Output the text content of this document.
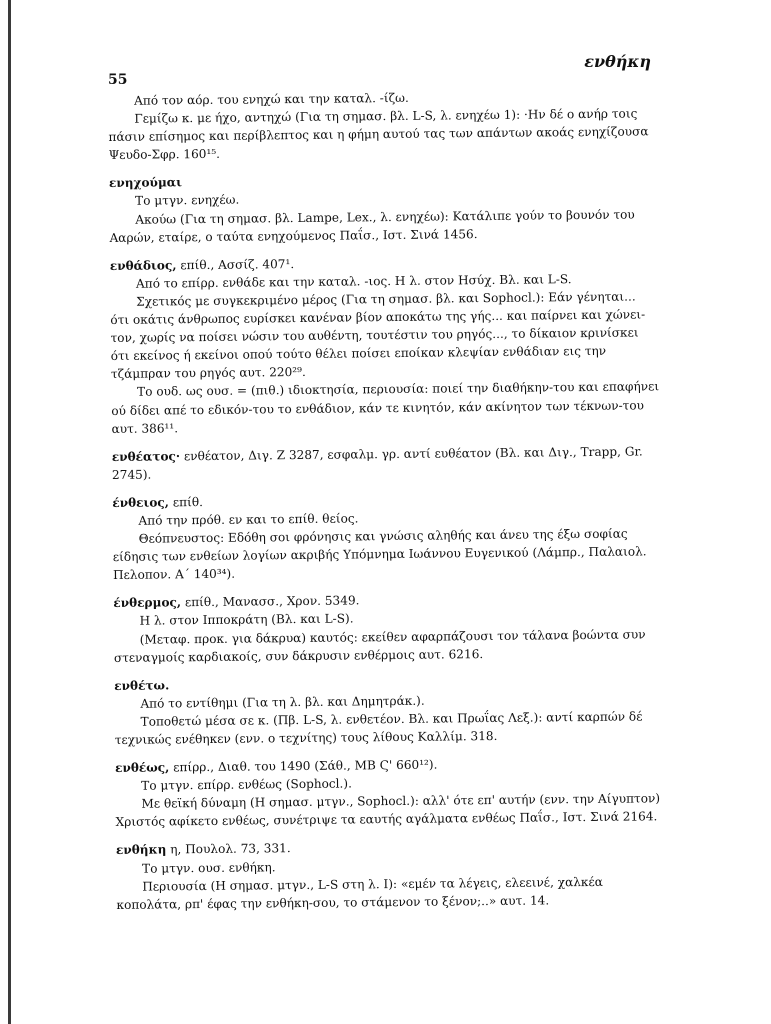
55
ενθήκη

Από τον αόρ. του ενηχώ και την καταλ. -ίζω.

Γεμίζω κ. με ήχο, αντηχώ (Για τη σημασ. βλ. L-S, λ. ενηχέω 1): ·Ην δέ ο ανήρ τοις πάσιν επίσημος και περίβλεπτος και η φήμη αυτού τας των απάντων ακοάς ενηχίζουσα Ψευδο-Σφρ. 160¹⁵.

ενηχούμαι

Το μτγν. ενηχέω.

Ακούω (Για τη σημασ. βλ. Lampe, Lex., λ. ενηχέω): Κατάλιπε γούν το βουνόν του Ααρών, εταίρε, ο ταύτα ενηχούμενος Παΐσ., Ιστ. Σινά 1456.

ενθάδιος, επίθ., Ασσίζ. 407¹.

Από το επίρρ. ενθάδε και την καταλ. -ιος. Η λ. στον Ησύχ. Βλ. και L-S.

Σχετικός με συγκεκριμένο μέρος (Για τη σημασ. βλ. και Sophocl.): Εάν γένηται... ότι οκάτις άνθρωπος ευρίσκει κανέναν βίον αποκάτω της γής... και παίρνει και χώνει-τον, χωρίς να ποίσει νώσιν του αυθέντη, τουτέστιν του ρηγός..., το δίκαιον κρινίσκει ότι εκείνος ή εκείνοι οπού τούτο θέλει ποίσει εποίκαν κλεψίαν ενθάδιαν εις την τζάμπραν του ρηγός αυτ. 220²⁹.

Το ουδ. ως ουσ. = (πιθ.) ιδιοκτησία, περιουσία: ποιεί την διαθήκην-του και επαφήνει ού δίδει απέ το εδικόν-του το ενθάδιον, κάν τε κινητόν, κάν ακίνητον των τέκνων-του αυτ. 386¹¹.

ενθέατος· ενθέατον, Διγ. Ζ 3287, εσφαλμ. γρ. αντί ευθέατον (Βλ. και Διγ., Trapp, Gr. 2745).

ένθειος, επίθ.

Από την πρόθ. εν και το επίθ. θείος.

Θεόπνευστος: Εδόθη σοι φρόνησις και γνώσις αληθής και άνευ της έξω σοφίας είδησις των ενθείων λογίων ακριβής Υπόμνημα Ιωάννου Ευγενικού (Λάμπρ., Παλαιολ. Πελοπον. Α΄ 140³⁴).

ένθερμος, επίθ., Μανασσ., Χρον. 5349.

Η λ. στον Ιπποκράτη (Βλ. και L-S).

(Μεταφ. προκ. για δάκρυα) καυτός: εκείθεν αφαρπάζουσι τον τάλανα βοώντα συν στεναγμοίς καρδιακοίς, συν δάκρυσιν ενθέρμοις αυτ. 6216.

ενθέτω.

Από το εντίθημι (Για τη λ. βλ. και Δημητράκ.).

Τοποθετώ μέσα σε κ. (Πβ. L-S, λ. ενθετέον. Βλ. και Πρωΐας Λεξ.): αντί καρπών δέ τεχνικώς ενέθηκεν (ενν. ο τεχνίτης) τους λίθους Καλλίμ. 318.

ενθέως, επίρρ., Διαθ. του 1490 (Σάθ., MB Ϛ' 660¹²).

Το μτγν. επίρρ. ενθέως (Sophocl.).

Με θεϊκή δύναμη (Η σημασ. μτγν., Sophocl.): αλλ' ότε επ' αυτήν (ενν. την Αίγυπτον) Χριστός αφίκετο ενθέως, συνέτριψε τα εαυτής αγάλματα ενθέως Παΐσ., Ιστ. Σινά 2164.

ενθήκη η, Πουλολ. 73, 331.

Το μτγν. ουσ. ενθήκη.

Περιουσία (Η σημασ. μτγν., L-S στη λ. Ι): «εμέν τα λέγεις, ελεεινέ, χαλκέα κοπολάτα, ρπ' έφας την ενθήκη-σου, το στάμενον το ξένον;..» αυτ. 14.
